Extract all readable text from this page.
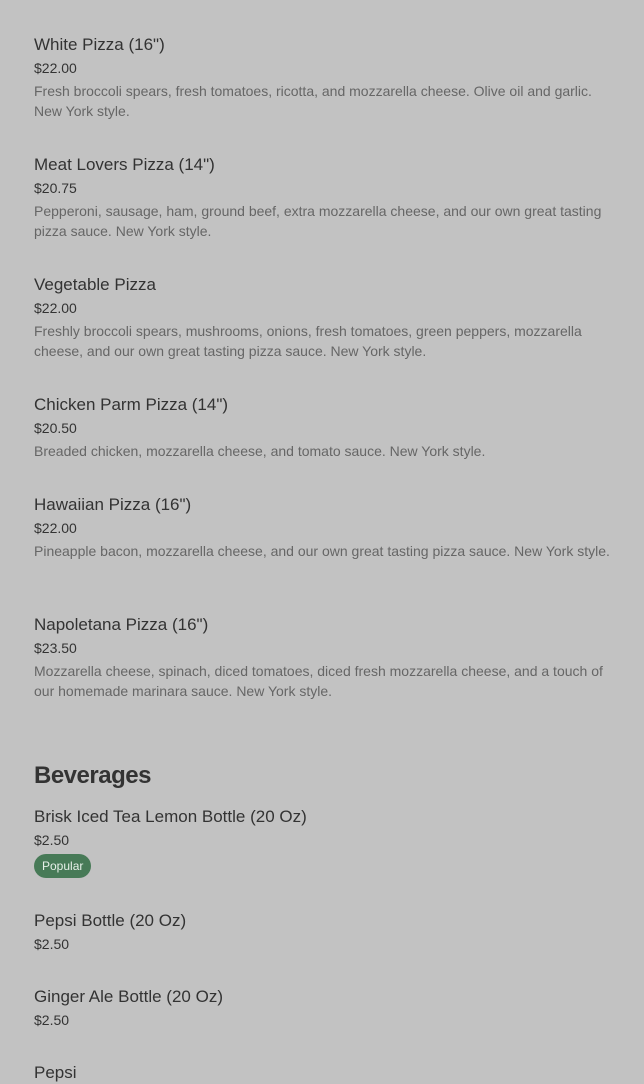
White Pizza (16")
$22.00
Fresh broccoli spears, fresh tomatoes, ricotta, and mozzarella cheese. Olive oil and garlic. New York style.
Meat Lovers Pizza (14")
$20.75
Pepperoni, sausage, ham, ground beef, extra mozzarella cheese, and our own great tasting pizza sauce. New York style.
Vegetable Pizza
$22.00
Freshly broccoli spears, mushrooms, onions, fresh tomatoes, green peppers, mozzarella cheese, and our own great tasting pizza sauce. New York style.
Chicken Parm Pizza (14")
$20.50
Breaded chicken, mozzarella cheese, and tomato sauce. New York style.
Hawaiian Pizza (16")
$22.00
Pineapple bacon, mozzarella cheese, and our own great tasting pizza sauce. New York style.
Napoletana Pizza (16")
$23.50
Mozzarella cheese, spinach, diced tomatoes, diced fresh mozzarella cheese, and a touch of our homemade marinara sauce. New York style.
Beverages
Brisk Iced Tea Lemon Bottle (20 Oz)
$2.50
Popular
Pepsi Bottle (20 Oz)
$2.50
Ginger Ale Bottle (20 Oz)
$2.50
Pepsi
